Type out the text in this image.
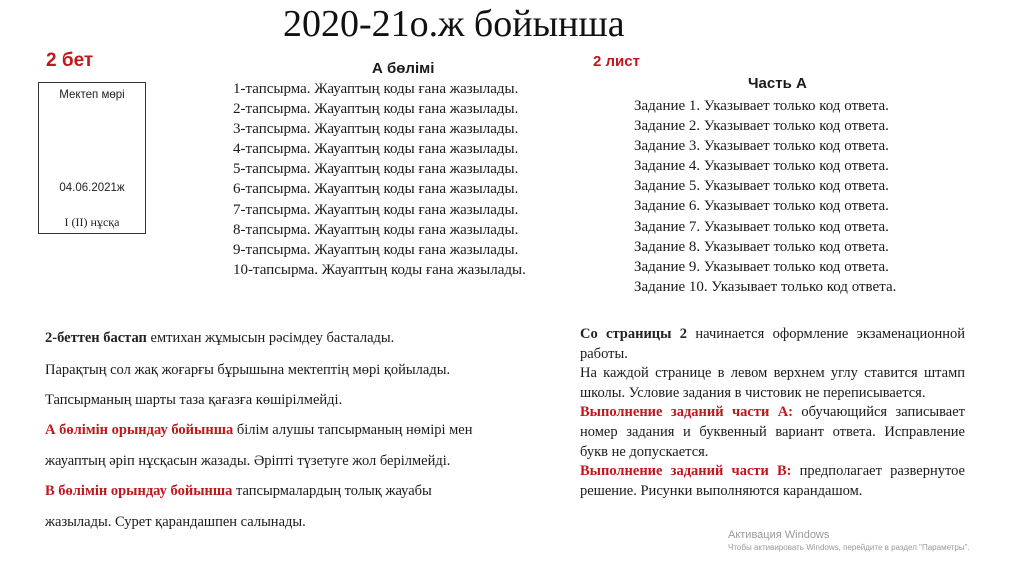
2020-21о.ж бойынша
2 бет
Мектеп мөрі
04.06.2021ж
І (ІІ) нұсқа
А бөлімі
1-тапсырма. Жауаптың коды ғана жазылады.
2-тапсырма. Жауаптың коды ғана жазылады.
3-тапсырма. Жауаптың коды ғана жазылады.
4-тапсырма. Жауаптың коды ғана жазылады.
5-тапсырма. Жауаптың коды ғана жазылады.
6-тапсырма. Жауаптың коды ғана жазылады.
7-тапсырма. Жауаптың коды ғана жазылады.
8-тапсырма. Жауаптың коды ғана жазылады.
9-тапсырма. Жауаптың коды ғана жазылады.
10-тапсырма. Жауаптың коды ғана жазылады.
2 лист
Часть А
Задание 1. Указывает только код ответа.
Задание 2. Указывает только код ответа.
Задание 3. Указывает только код ответа.
Задание 4. Указывает только код ответа.
Задание 5. Указывает только код ответа.
Задание 6. Указывает только код ответа.
Задание 7. Указывает только код ответа.
Задание 8. Указывает только код ответа.
Задание 9. Указывает только код ответа.
Задание 10. Указывает только код ответа.
2-беттен бастап емтихан жұмысын рәсімдеу басталады.
Парақтың сол жақ жоғарғы бұрышына мектептің мөрі қойылады.
Тапсырманың шарты таза қағазға көшірілмейді.
А бөлімін орындау бойынша білім алушы тапсырманың нөмірі мен
жауаптың әріп нұсқасын жазады. Әріпті түзетуге жол берілмейді.
В бөлімін орындау бойынша тапсырмалардың толық жауабы
жазылады. Сурет қарандашпен салынады.

Со страницы 2 начинается оформление экзаменационной работы.

На каждой странице в левом верхнем углу ставится штамп школы. Условие задания в чистовик не переписывается.

Выполнение заданий части А: обучающийся записывает номер задания и буквенный вариант ответа. Исправление букв не допускается.

Выполнение заданий части В: предполагает развернутое решение. Рисунки выполняются карандашом.

Активация Windows
Чтобы активировать Windows, перейдите в раздел "Параметры".
